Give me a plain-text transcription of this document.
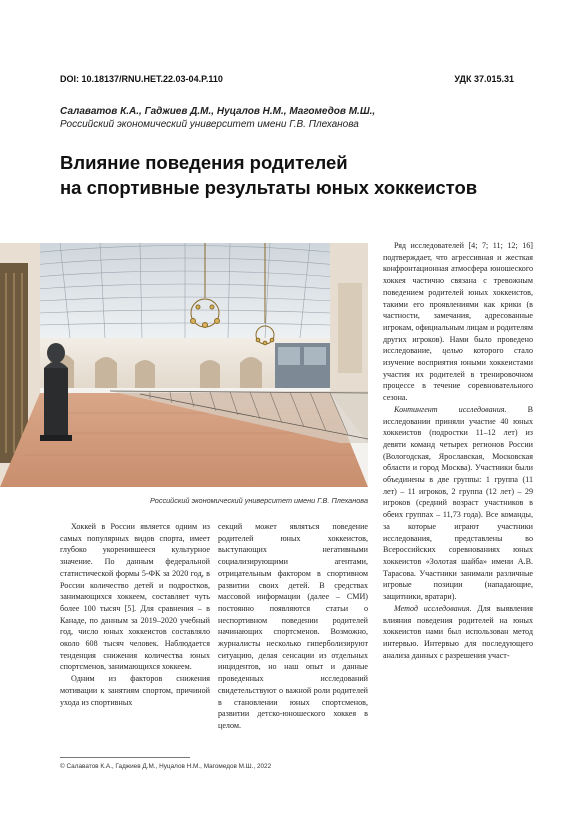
DOI: 10.18137/RNU.HET.22.03-04.P.110	УДК 37.015.31
Салаватов К.А., Гаджиев Д.М., Нуцалов Н.М., Магомедов М.Ш.,
Российский экономический университет имени Г.В. Плеханова
Влияние поведения родителей
на спортивные результаты юных хоккеистов
Российский экономический университет имени Г.В. Плеханова

Хоккей в России является одним из самых популярных видов спорта, имеет глубоко укоренившееся культурное значение. По данным федеральной статистической формы 5-ФК за 2020 год, в России количество детей и подростков, занимающихся хоккеем, составляет чуть более 100 тысяч [5]. Для сравнения – в Канаде, по данным за 2019–2020 учебный год, число юных хоккеистов составляло около 608 тысяч человек. Наблюдается тенденция снижения количества юных спортсменов, занимающихся хоккеем.

Одним из факторов снижения мотивации к занятиям спортом, причиной ухода из спортивных

секций может являться поведение родителей юных хоккеистов, выступающих негативными социализирующими агентами, отрицательным фактором в спортивном развитии своих детей. В средствах массовой информации (далее – СМИ) постоянно появляются статьи о неспортивном поведении родителей начинающих спортсменов. Возможно, журналисты несколько гиперболизируют ситуацию, делая сенсации из отдельных инцидентов, но наш опыт и данные проведенных исследований свидетельствуют о важной роли родителей в становлении юных спортсменов, развитии детско-юношеского хоккея в целом.

Ряд исследователей [4; 7; 11; 12; 16] подтверждает, что агрессивная и жесткая конфронтационная атмосфера юношеского хоккея частично связана с тревожным поведением родителей юных хоккеистов, такими его проявлениями как крики (в частности, замечания, адресованные игрокам, официальным лицам и родителям других игроков). Нами было проведено исследование, целью которого стало изучение восприятия юными хоккеистами участия их родителей в тренировочном процессе в течение соревновательного сезона.

Контингент исследования.	В исследовании приняли участие 40 юных хоккеистов (подростки 11–12 лет) из девяти команд четырех регионов России (Вологодская, Ярославская, Московская области и город Москва). Участники были объединены в две группы: 1 группа (11 лет) – 11 игроков, 2 группа (12 лет) – 29 игроков (средний возраст участников в обеих группах – 11,73 года). Все команды, за которые играют участники исследования, представлены во Всероссийских соревнованиях юных хоккеистов «Золотая шайба» имени А.В. Тарасова. Участники занимали различные игровые позиции (нападающие, защитники, вратари).

Метод исследования. Для выявления влияния поведения родителей на юных хоккеистов нами был использован метод интервью. Интервью для последующего анализа данных с разрешения участ-

© Салаватов К.А., Гаджиев Д.М., Нуцалов Н.М., Магомедов М.Ш., 2022
